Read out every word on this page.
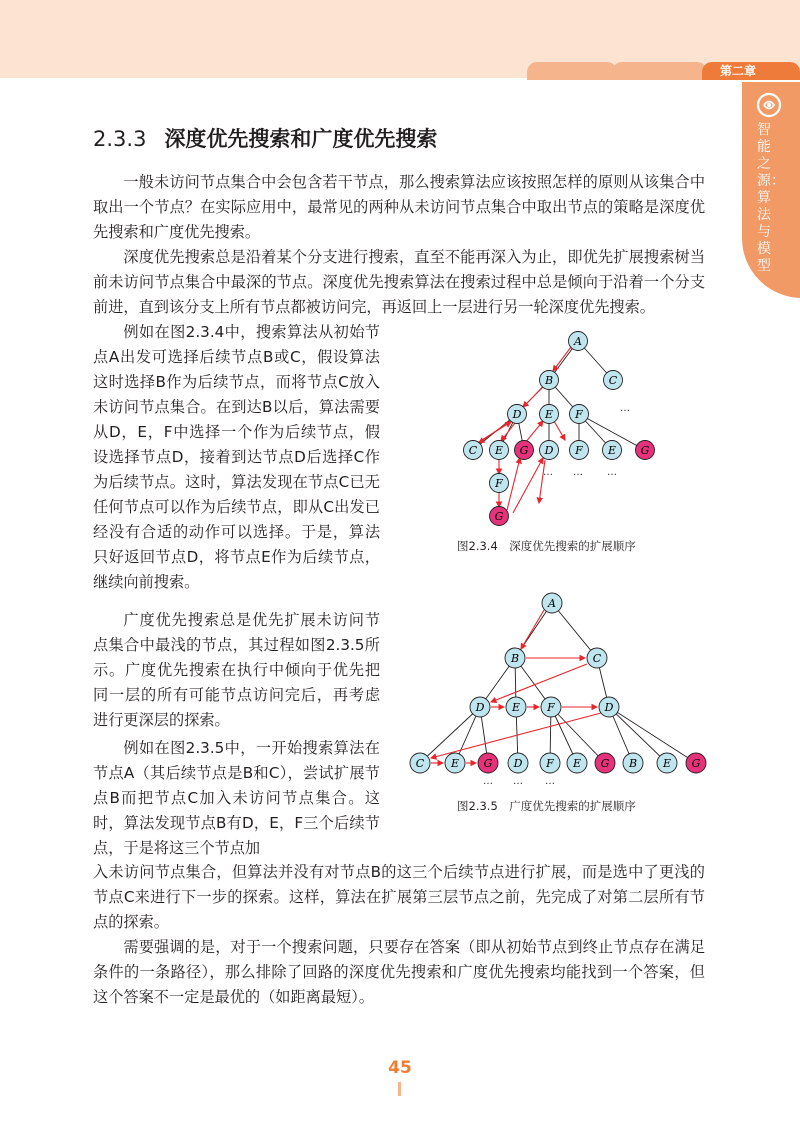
第二章
智能之源：算法与模型
2.3.3 深度优先搜索和广度优先搜索

一般未访问节点集合中会包含若干节点，那么搜索算法应该按照怎样的原则从该集合中取出一个节点？在实际应用中，最常见的两种从未访问节点集合中取出节点的策略是深度优先搜索和广度优先搜索。

深度优先搜索总是沿着某个分支进行搜索，直至不能再深入为止，即优先扩展搜索树当前未访问节点集合中最深的节点。深度优先搜索算法在搜索过程中总是倾向于沿着一个分支前进，直到该分支上所有节点都被访问完，再返回上一层进行另一轮深度优先搜索。

例如在图2.3.4中，搜索算法从初始节点A出发可选择后续节点B或C，假设算法这时选择B作为后续节点，而将节点C放入未访问节点集合。在到达B以后，算法需要从D，E，F中选择一个作为后续节点，假设选择节点D，接着到达节点D后选择C作为后续节点。这时，算法发现在节点C已无任何节点可以作为后续节点，即从C出发已经没有合适的动作可以选择。于是，算法只好返回节点D，将节点E作为后续节点，继续向前搜索。

广度优先搜索总是优先扩展未访问节点集合中最浅的节点，其过程如图2.3.5所示。广度优先搜索在执行中倾向于优先把同一层的所有可能节点访问完后，再考虑进行更深层的探索。

例如在图2.3.5中，一开始搜索算法在节点A（其后续节点是B和C），尝试扩展节点B而把节点C加入未访问节点集合。这时，算法发现节点B有D，E，F三个后续节点，于是将这三个节点加

入未访问节点集合，但算法并没有对节点B的这三个后续节点进行扩展，而是选中了更浅的节点C来进行下一步的探索。这样，算法在扩展第三层节点之前，先完成了对第二层所有节点的探索。

需要强调的是，对于一个搜索问题，只要存在答案（即从初始节点到终止节点存在满足条件的一条路径），那么排除了回路的深度优先搜索和广度优先搜索均能找到一个答案，但这个答案不一定是最优的（如距离最短）。

A
B	C
D E F
C E G D F E G
F
G
…
… … …
图2.3.4　深度优先搜索的扩展顺序
A
B	C
D	E F	D
C E G D F E G B E G
… … …
图2.3.5　广度优先搜索的扩展顺序
45
